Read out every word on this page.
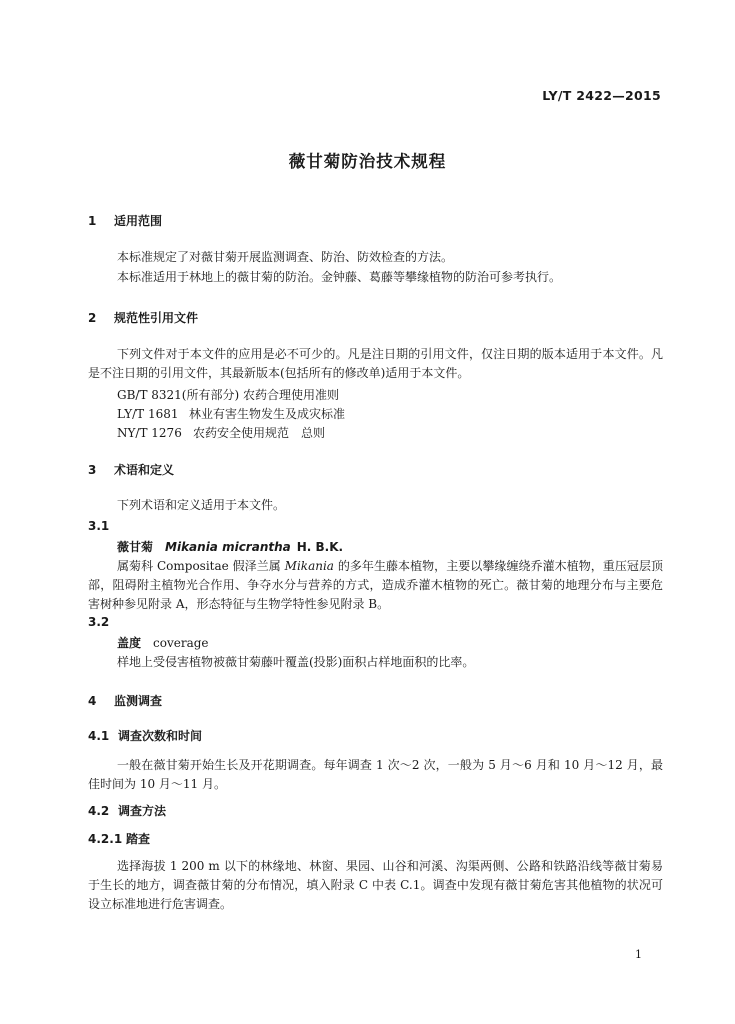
LY/T 2422—2015
薇甘菊防治技术规程
1 适用范围
本标准规定了对薇甘菊开展监测调查、防治、防效检查的方法。
本标准适用于林地上的薇甘菊的防治。金钟藤、葛藤等攀缘植物的防治可参考执行。
2 规范性引用文件
下列文件对于本文件的应用是必不可少的。凡是注日期的引用文件，仅注日期的版本适用于本文件。凡是不注日期的引用文件，其最新版本(包括所有的修改单)适用于本文件。
GB/T 8321(所有部分) 农药合理使用准则
LY/T 1681 林业有害生物发生及成灾标准
NY/T 1276 农药安全使用规范　总则
3 术语和定义
下列术语和定义适用于本文件。
3.1
薇甘菊 Mikania micrantha H. B.K.
属菊科 Compositae 假泽兰属 Mikania 的多年生藤本植物，主要以攀缘缠绕乔灌木植物，重压冠层顶部，阻碍附主植物光合作用、争夺水分与营养的方式，造成乔灌木植物的死亡。薇甘菊的地理分布与主要危害树种参见附录 A，形态特征与生物学特性参见附录 B。
3.2
盖度 coverage
样地上受侵害植物被薇甘菊藤叶覆盖(投影)面积占样地面积的比率。
4 监测调查
4.1 调查次数和时间
一般在薇甘菊开始生长及开花期调查。每年调查 1 次～2 次，一般为 5 月～6 月和 10 月～12 月，最佳时间为 10 月～11 月。
4.2 调查方法
4.2.1 踏查
选择海拔 1 200 m 以下的林缘地、林窗、果园、山谷和河溪、沟渠两侧、公路和铁路沿线等薇甘菊易于生长的地方，调查薇甘菊的分布情况，填入附录 C 中表 C.1。调查中发现有薇甘菊危害其他植物的状况可设立标准地进行危害调查。
1
